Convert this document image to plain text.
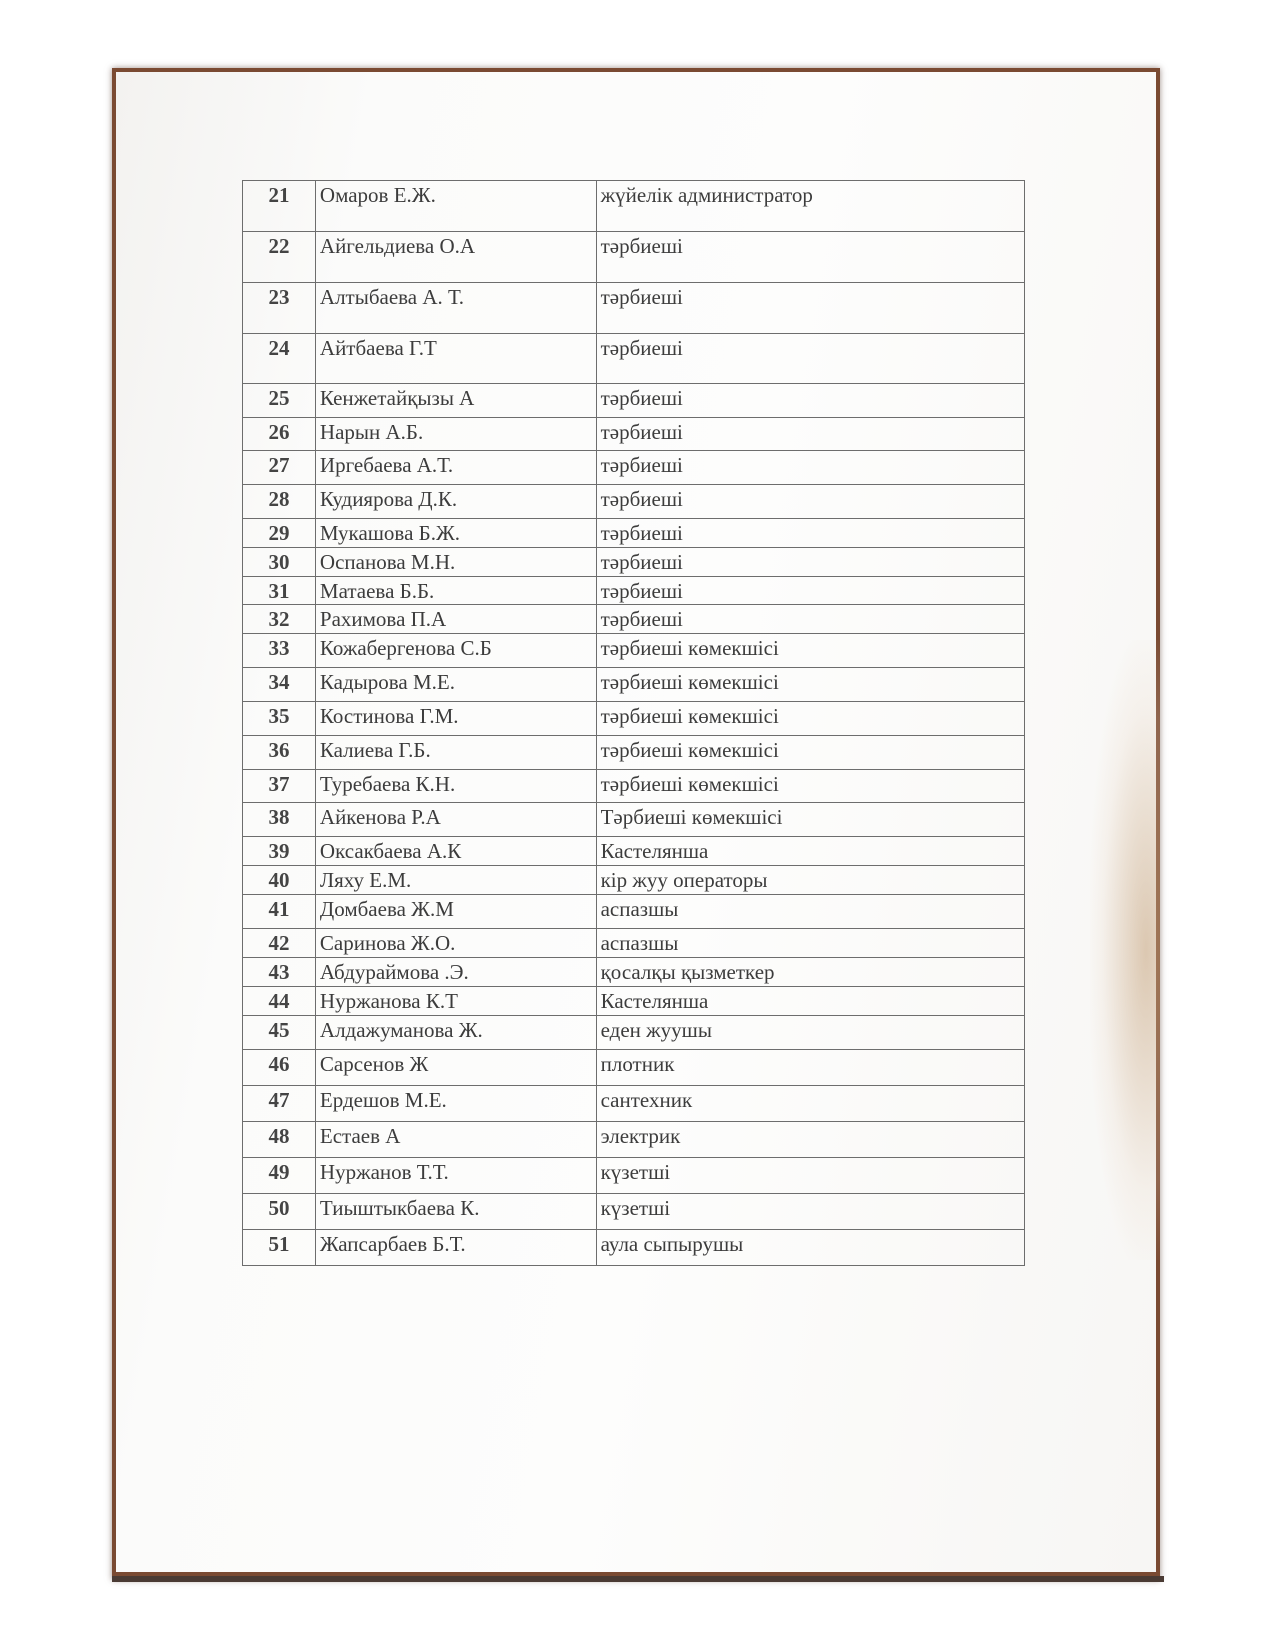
21	Омаров Е.Ж.	жүйелік администратор
22	Айгельдиева О.А	тәрбиеші
23	Алтыбаева А. Т.	тәрбиеші
24	Айтбаева Г.Т	тәрбиеші
25	Кенжетайқызы А	тәрбиеші
26	Нарын А.Б.	тәрбиеші
27	Иргебаева А.Т.	тәрбиеші
28	Кудиярова Д.К.	тәрбиеші
29	Мукашова Б.Ж.	тәрбиеші
30	Оспанова М.Н.	тәрбиеші
31	Матаева Б.Б.	тәрбиеші
32	Рахимова П.А	тәрбиеші
33	Кожабергенова С.Б	тәрбиеші көмекшісі
34	Кадырова М.Е.	тәрбиеші көмекшісі
35	Костинова Г.М.	тәрбиеші көмекшісі
36	Калиева Г.Б.	тәрбиеші көмекшісі
37	Туребаева К.Н.	тәрбиеші көмекшісі
38	Айкенова Р.А	Тәрбиеші көмекшісі
39	Оксакбаева А.К	Кастелянша
40	Ляху Е.М.	кір жуу операторы
41	Домбаева Ж.М	аспазшы
42	Саринова Ж.О.	аспазшы
43	Абдураймова .Э.	қосалқы қызметкер
44	Нуржанова К.Т	Кастелянша
45	Алдажуманова Ж.	еден жуушы
46	Сарсенов Ж	плотник
47	Ердешов М.Е.	сантехник
48	Естаев А	электрик
49	Нуржанов Т.Т.	күзетші
50	Тиыштыкбаева К.	күзетші
51	Жапсарбаев Б.Т.	аула сыпырушы
